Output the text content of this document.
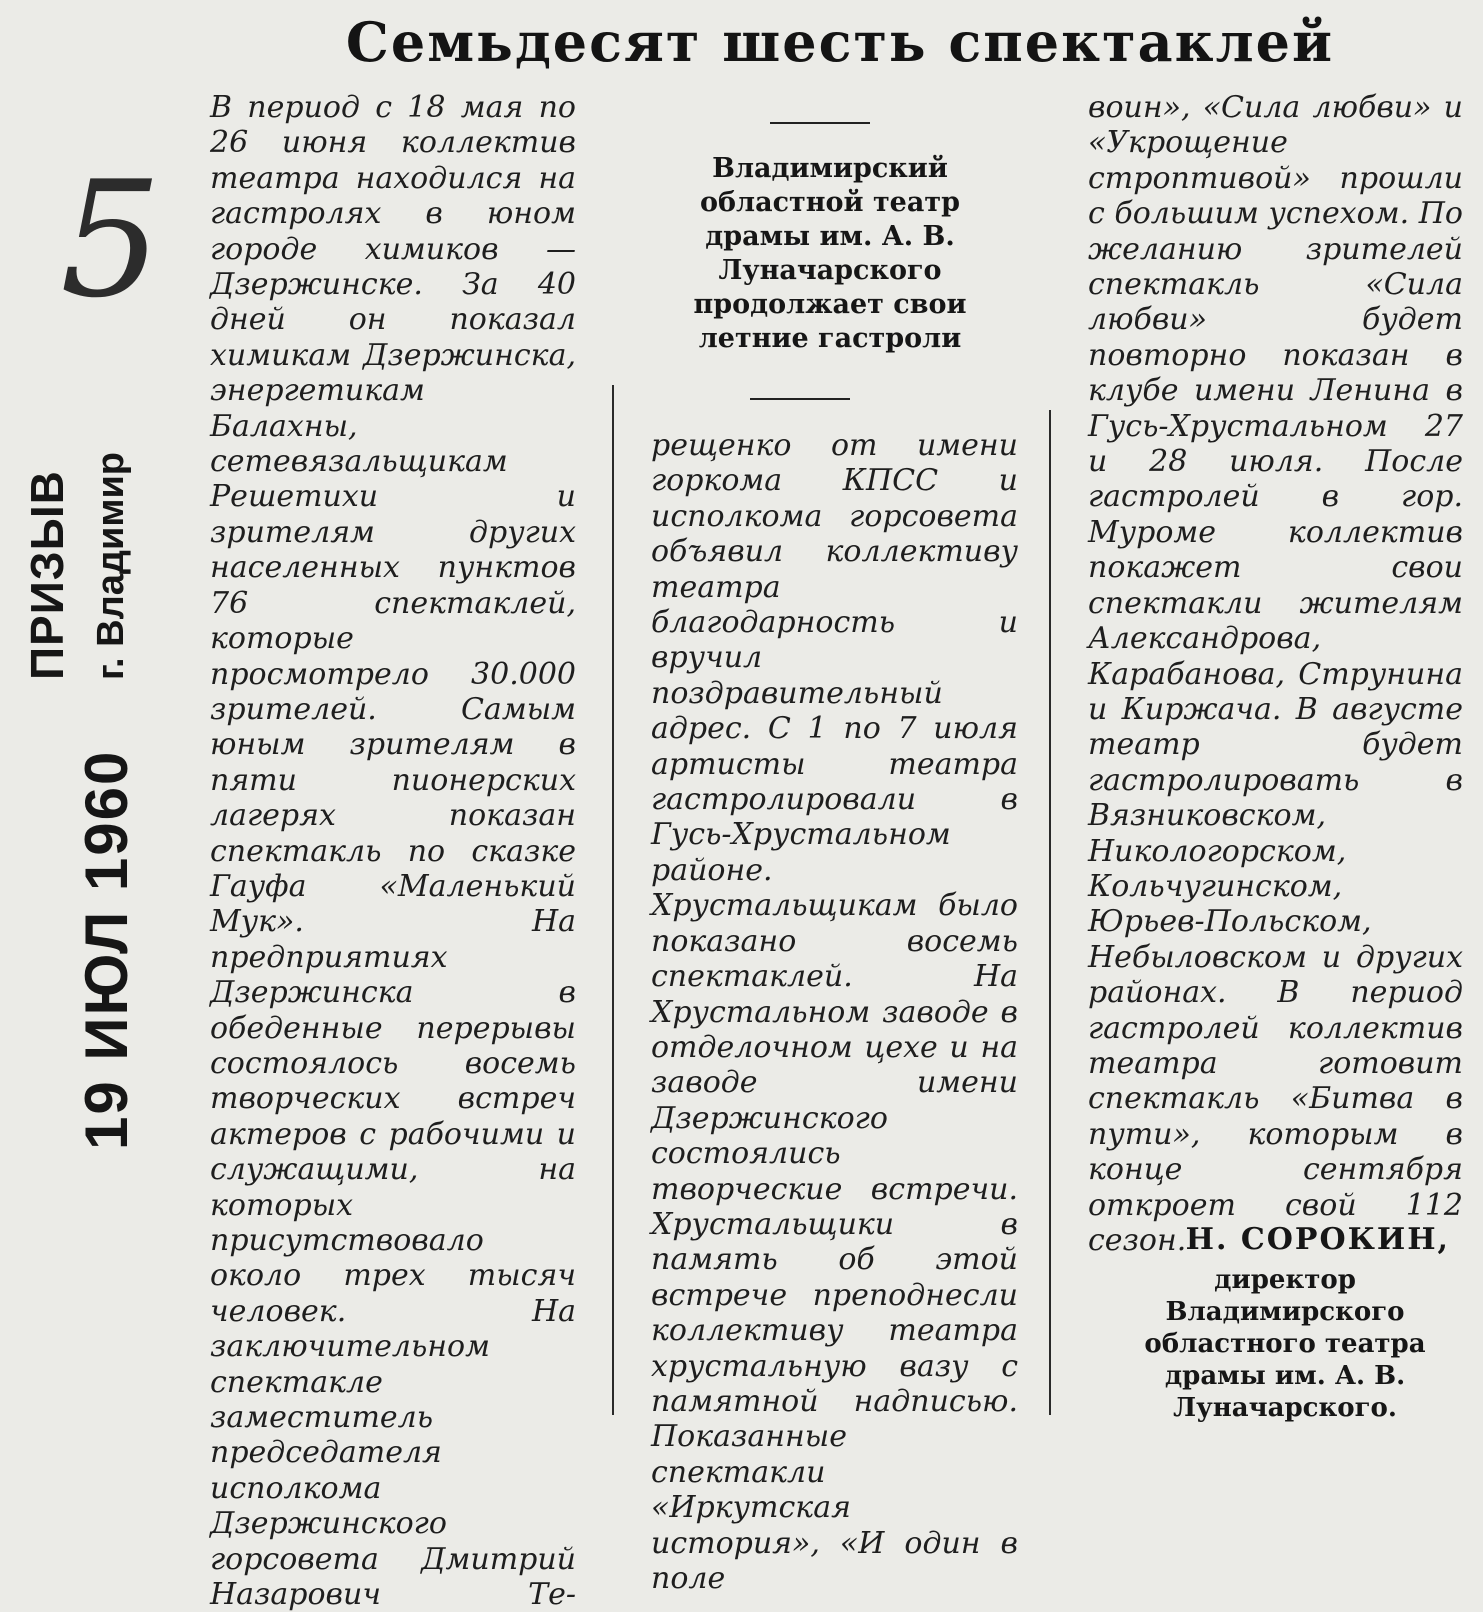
Семьдесят шесть спектаклей
5
19 ИЮЛ 1960
ПРИЗЫВ г. Владимир

В период с 18 мая по 26 июня коллектив театра находился на гастролях в юном городе химиков — Дзержинске. За 40 дней он показал химикам Дзержинска, энергетикам Балахны, сетевязальщикам Решетихи и зрителям других населенных пунктов 76 спектаклей, которые просмотрело 30.000 зрителей. Самым юным зрителям в пяти пионерских лагерях показан спектакль по сказке Гауфа «Маленький Мук». На предприятиях Дзержинска в обеденные перерывы состоялось восемь творческих встреч актеров с рабочими и служащими, на которых присутствовало около трех тысяч человек. На заключительном спектакле заместитель председателя исполкома Дзержинского горсовета Дмитрий Назарович Те-

Владимирский областной театр драмы им. А. В. Луначарского продолжает свои летние гастроли

рещенко от имени горкома КПСС и исполкома горсовета объявил коллективу театра благодарность и вручил поздравительный адрес. С 1 по 7 июля артисты театра гастролировали в Гусь-Хрустальном районе. Хрустальщикам было показано восемь спектаклей. На Хрустальном заводе в отделочном цехе и на заводе имени Дзержинского состоялись творческие встречи. Хрустальщики в память об этой встрече преподнесли коллективу театра хрустальную вазу с памятной надписью. Показанные спектакли «Иркутская история», «И один в поле

воин», «Сила любви» и «Укрощение строптивой» прошли с большим успехом. По желанию зрителей спектакль «Сила любви» будет повторно показан в клубе имени Ленина в Гусь-Хрустальном 27 и 28 июля. После гастролей в гор. Муроме коллектив покажет свои спектакли жителям Александрова, Карабанова, Струнина и Киржача. В августе театр будет гастролировать в Вязниковском, Никологорском, Кольчугинском, Юрьев-Польском, Небыловском и других районах. В период гастролей коллектив театра готовит спектакль «Битва в пути», которым в конце сентября откроет свой 112 сезон. Н. СОРОКИН,
директор Владимирского областного театра драмы им. А. В. Луначарского.
